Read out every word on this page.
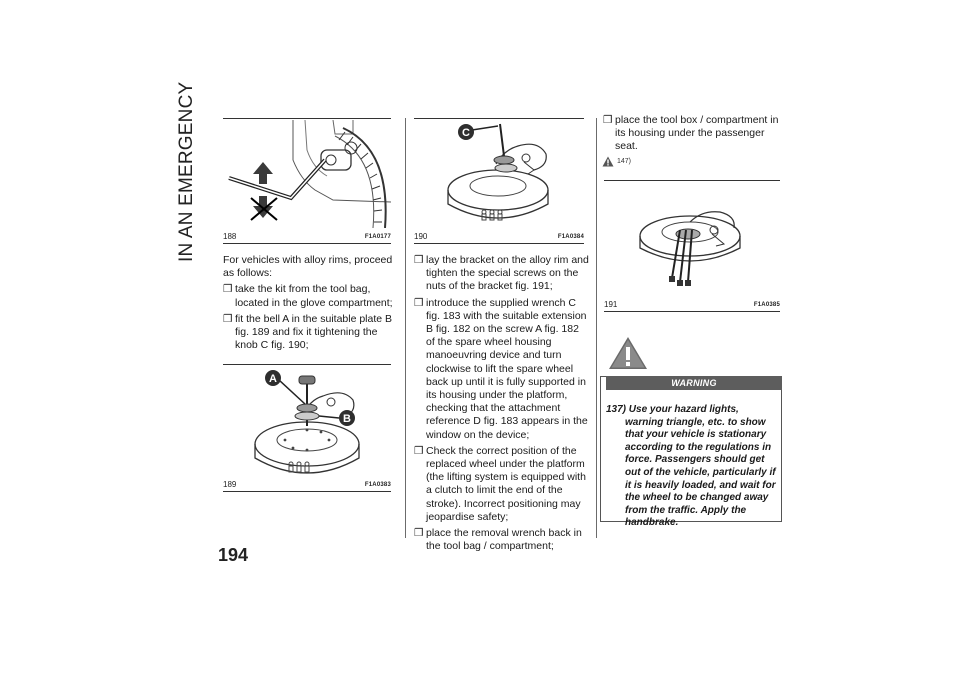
IN AN EMERGENCY
194
188	F1A0177

For vehicles with alloy rims, proceed as follows:

❒ take the kit from the tool bag, located in the glove compartment;
❒ fit the bell A in the suitable plate B fig. 189 and fix it tightening the knob C fig. 190;
A
B
189	F1A0383
C
190	F1A0384
❒ lay the bracket on the alloy rim and tighten the special screws on the nuts of the bracket fig. 191;
❒ introduce the supplied wrench C fig. 183 with the suitable extension B fig. 182 on the screw A fig. 182 of the spare wheel housing manoeuvring device and turn clockwise to lift the spare wheel back up until it is fully supported in its housing under the platform, checking that the attachment reference D fig. 183 appears in the window on the device;
❒ Check the correct position of the replaced wheel under the platform (the lifting system is equipped with a clutch to limit the end of the stroke). Incorrect positioning may jeopardise safety;
❒ place the removal wrench back in the tool bag / compartment;
❒ place the tool box / compartment in its housing under the passenger seat.
147)
191	F1A0385
WARNING
137) Use your hazard lights, warning triangle, etc. to show that your vehicle is stationary according to the regulations in force. Passengers should get out of the vehicle, particularly if it is heavily loaded, and wait for the wheel to be changed away from the traffic. Apply the handbrake.
